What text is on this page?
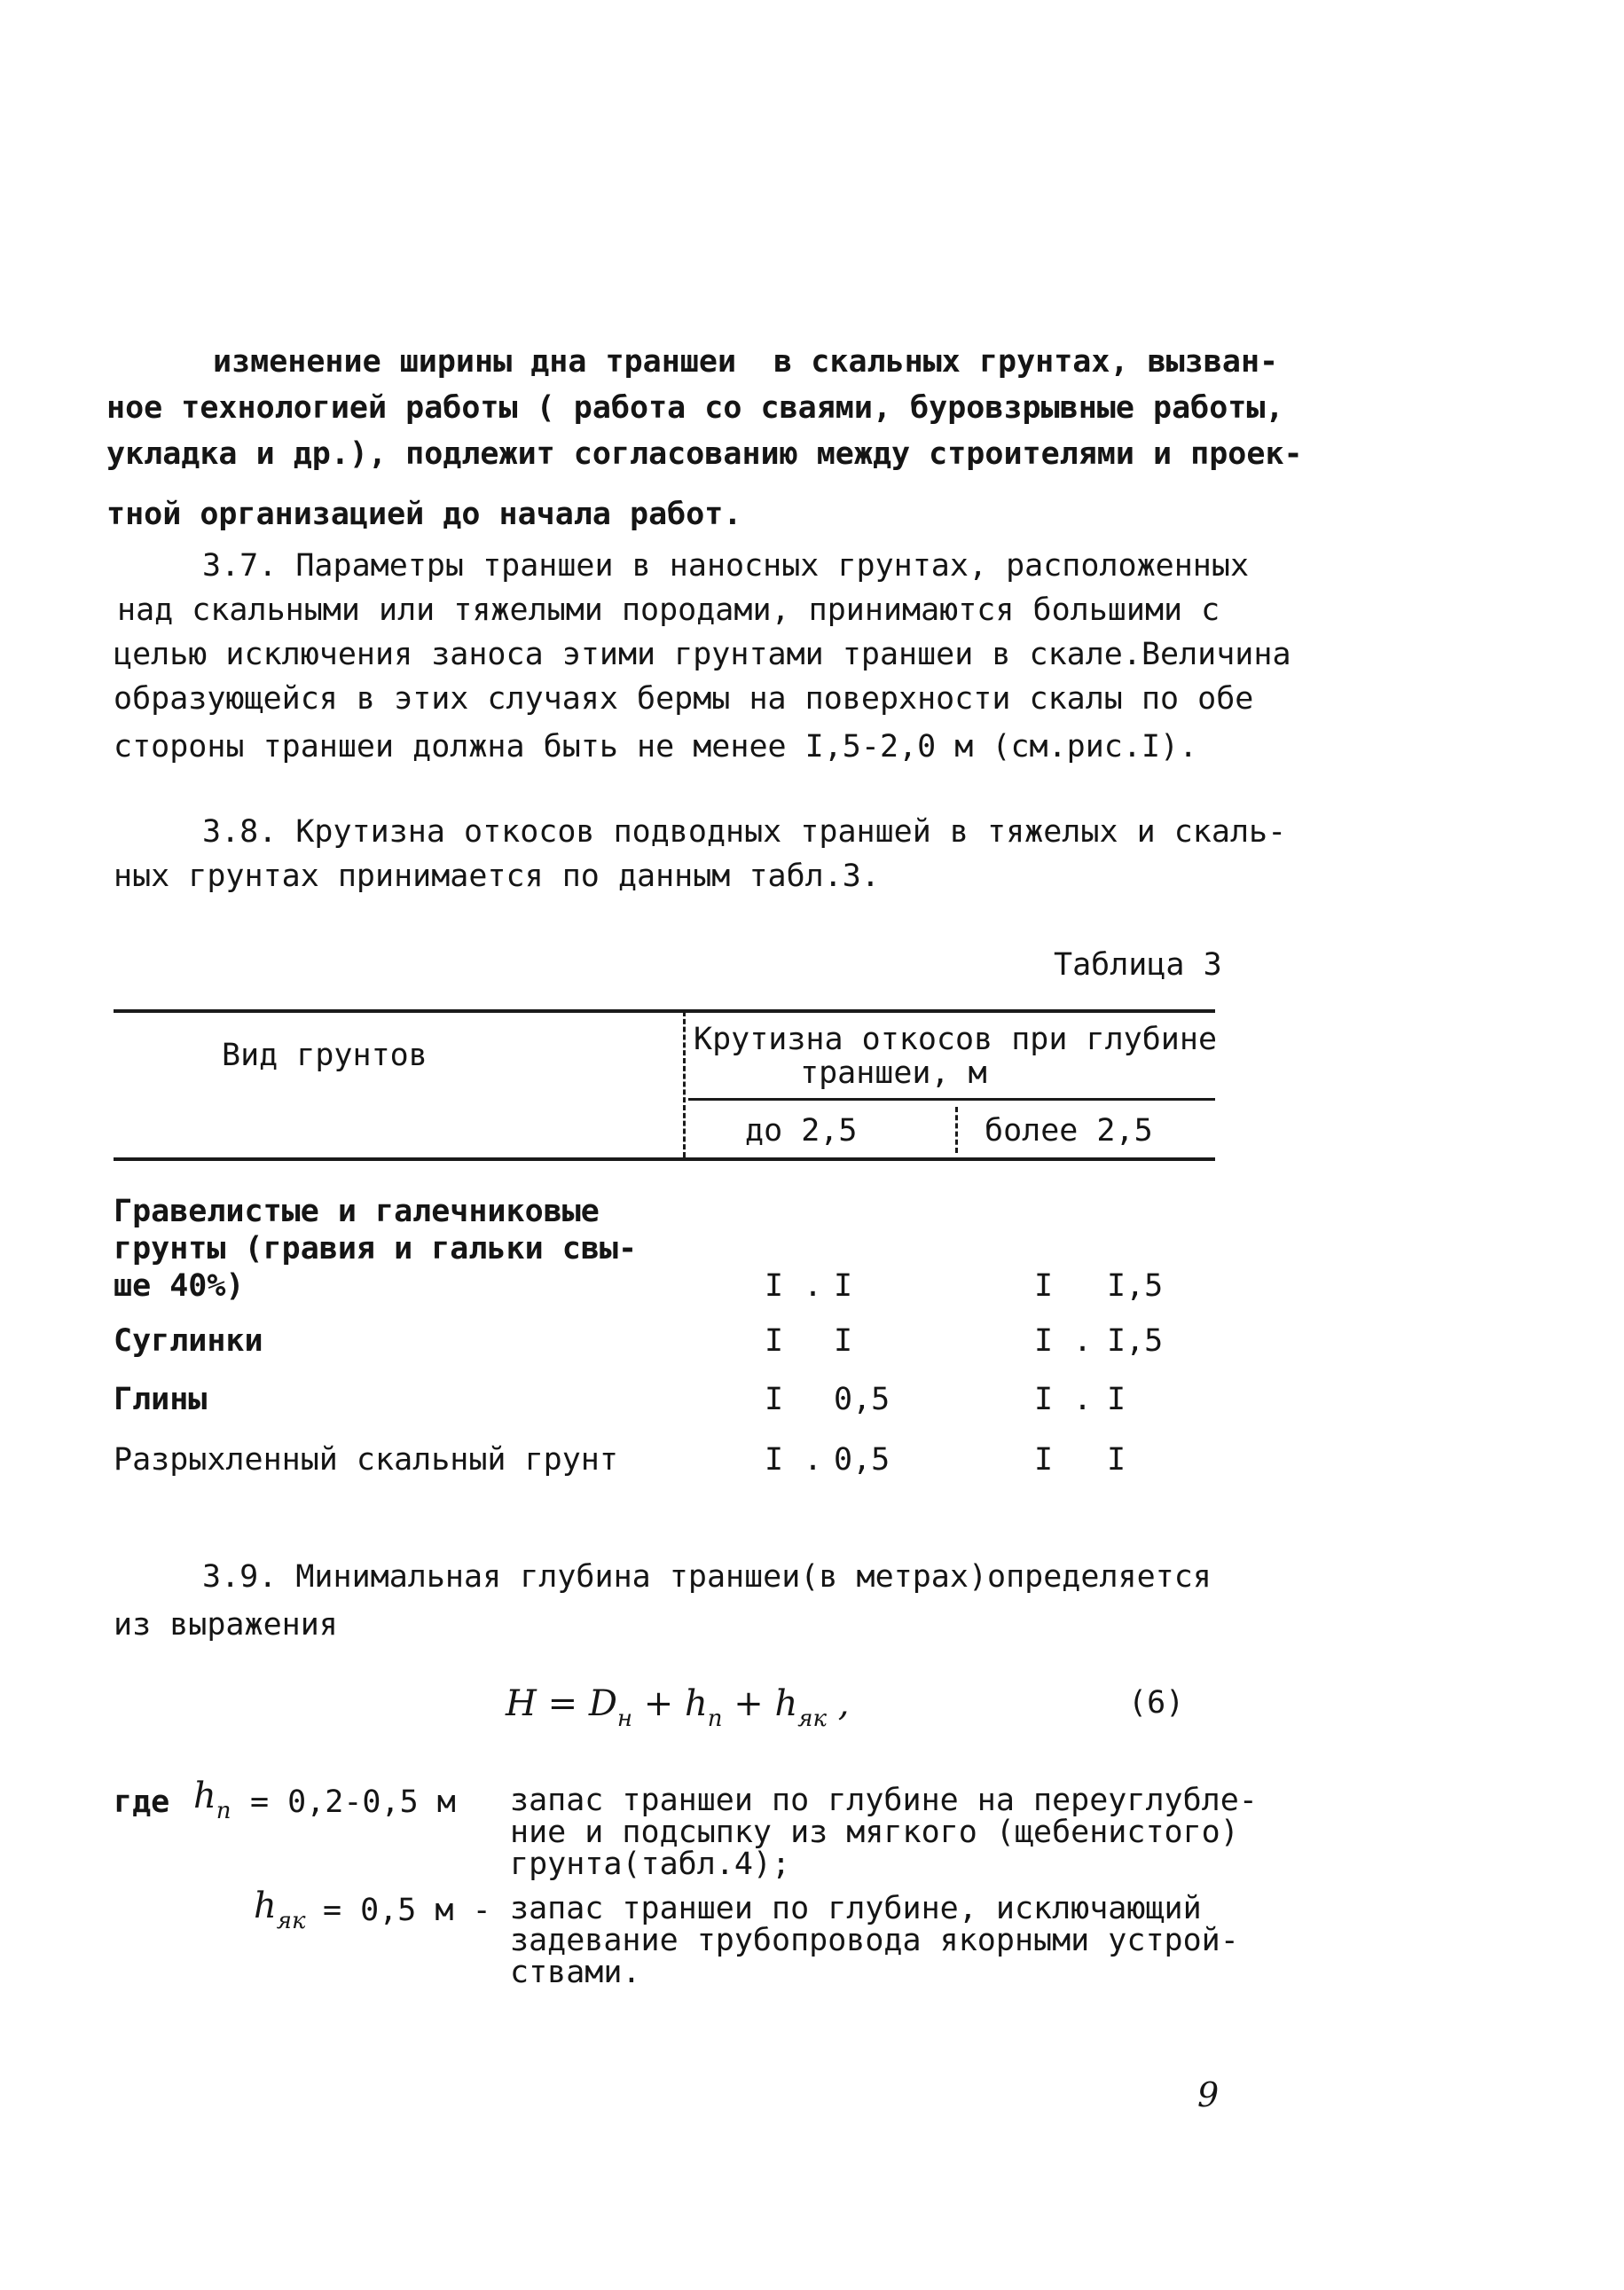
изменение ширины дна траншеи  в скальных грунтах, вызван-
ное технологией работы ( работа со сваями, буровзрывные работы,
укладка и др.), подлежит согласованию между строителями и проек-
тной организацией до начала работ.
3.7. Параметры траншеи в наносных грунтах, расположенных
над скальными или тяжелыми породами, принимаются большими с
целью исключения заноса этими грунтами траншеи в скале.Величина
образующейся в этих случаях бермы на поверхности скалы по обе
стороны траншеи должна быть не менее I,5-2,0 м (см.рис.I).
3.8. Крутизна откосов подводных траншей в тяжелых и скаль-
ных грунтах принимается по данным табл.3.
Таблица 3
Вид грунтов	Крутизна откосов при глубине
траншеи, м
до 2,5	более 2,5
Гравелистые и галечниковые
грунты (гравия и гальки свы-
ше 40%)	I . I	I I,5
Суглинки	I I	I . I,5
Глины	I 0,5	I . I
Разрыхленный скальный грунт	I . 0,5	I I
3.9. Минимальная глубина траншеи(в метрах)определяется
из выражения
$H = D_н + h_п + h_{як}$ ,	(6)
где $h_п = 0,2-0,5$ м запас траншеи по глубине на переуглубле-
ние и подсыпку из мягкого (щебенистого)
грунта(табл.4);
$h_{як} = 0,5$ м - запас траншеи по глубине, исключающий
задевание трубопровода якорными устрой-
ствами.
9
